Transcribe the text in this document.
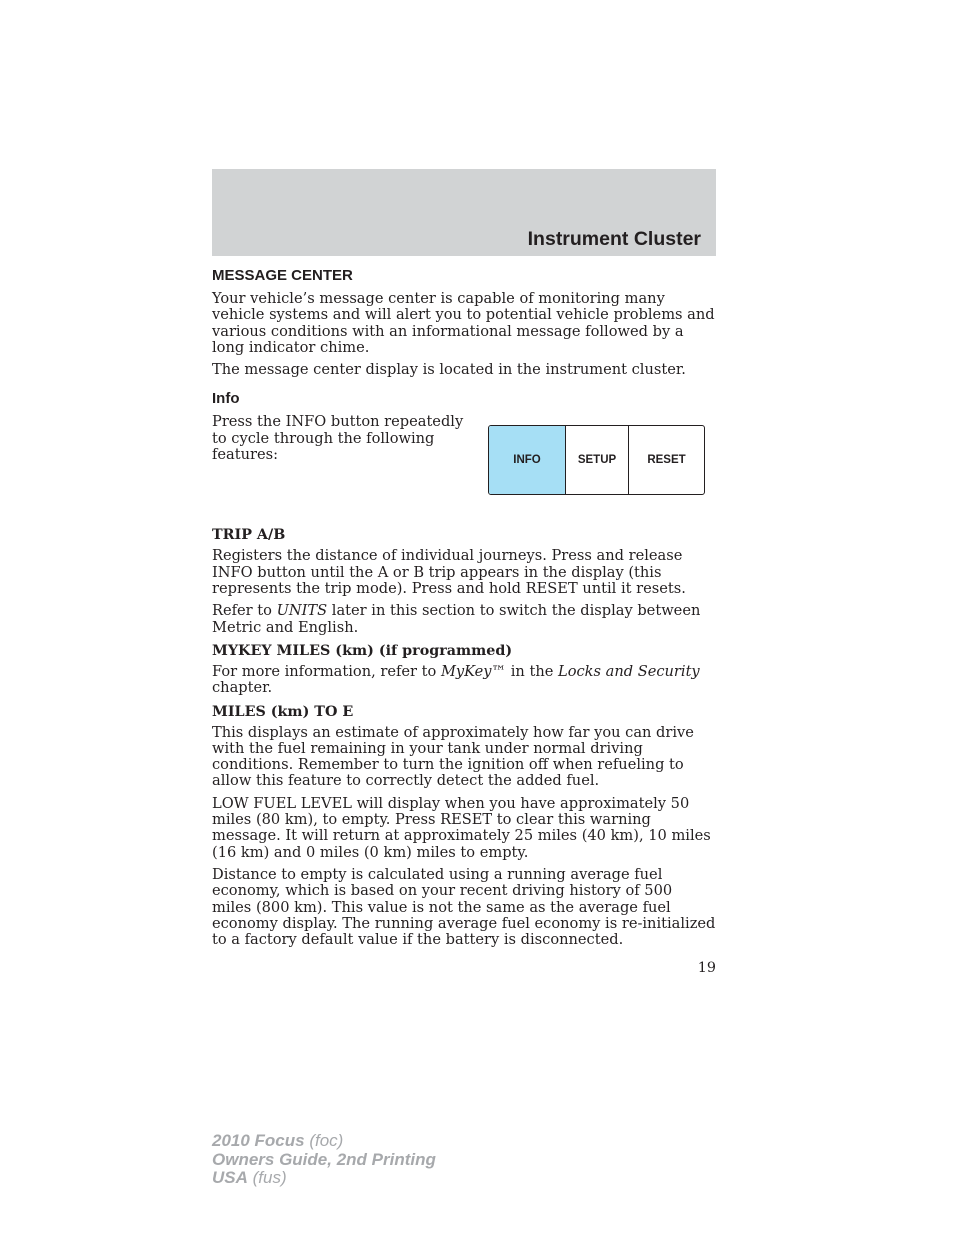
Instrument Cluster
MESSAGE CENTER

Your vehicle’s message center is capable of monitoring many vehicle systems and will alert you to potential vehicle problems and various conditions with an informational message followed by a long indicator chime.

The message center display is located in the instrument cluster.

Info

Press the INFO button repeatedly to cycle through the following features:	INFO	SETUP	RESET
TRIP A/B

Registers the distance of individual journeys. Press and release INFO button until the A or B trip appears in the display (this represents the trip mode). Press and hold RESET until it resets.

Refer to UNITS later in this section to switch the display between Metric and English.

MYKEY MILES (km) (if programmed)

For more information, refer to MyKey™ in the Locks and Security chapter.

MILES (km) TO E

This displays an estimate of approximately how far you can drive with the fuel remaining in your tank under normal driving conditions. Remember to turn the ignition off when refueling to allow this feature to correctly detect the added fuel.

LOW FUEL LEVEL will display when you have approximately 50 miles (80 km), to empty. Press RESET to clear this warning message. It will return at approximately 25 miles (40 km), 10 miles (16 km) and 0 miles (0 km) miles to empty.

Distance to empty is calculated using a running average fuel economy, which is based on your recent driving history of 500 miles (800 km). This value is not the same as the average fuel economy display. The running average fuel economy is re-initialized to a factory default value if the battery is disconnected.

19
2010 Focus (foc)
Owners Guide, 2nd Printing
USA (fus)
